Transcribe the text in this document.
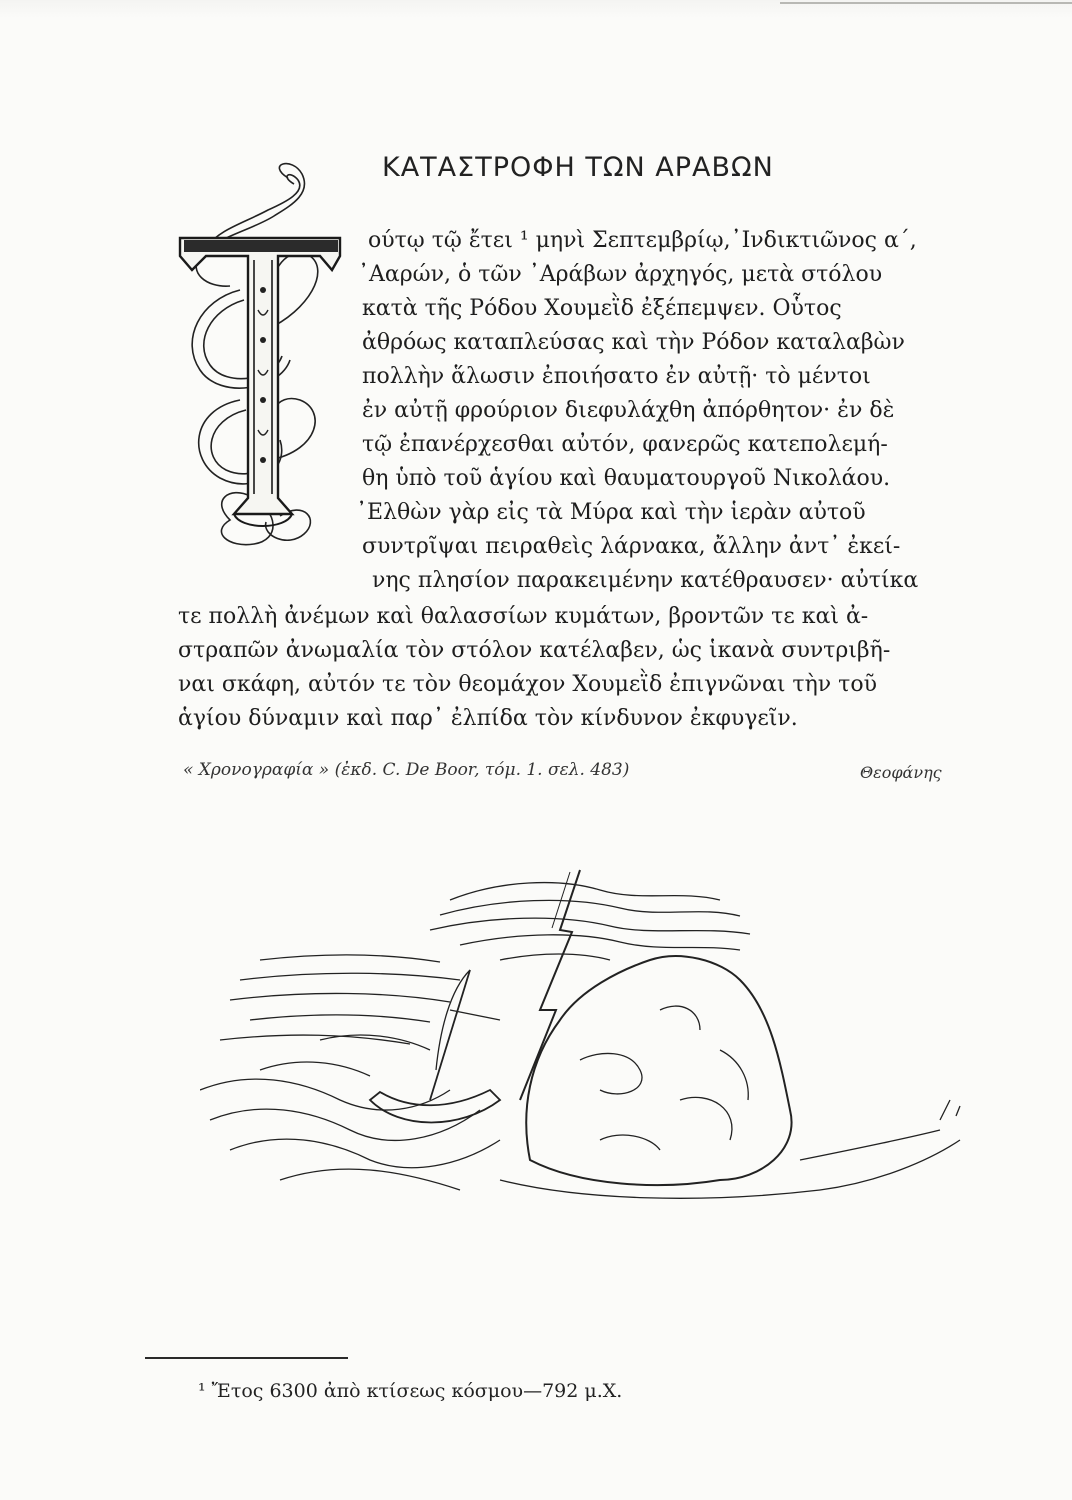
ΚΑΤΑΣΤΡΟΦΗ ΤΩΝ ΑΡΑΒΩΝ
ούτῳ τῷ ἔτει ¹ μηνὶ Σεπτεμβρίῳ,᾿Ινδικτιῶνος α΄,
᾿Ααρών, ὁ τῶν ᾿Αράβων ἀρχηγός, μετὰ στόλου
κατὰ τῆς Ρόδου Χουμεῒδ ἐξέπεμψεν. Οὗτος
ἀθρόως καταπλεύσας καὶ τὴν Ρόδον καταλαβὼν
πολλὴν ἅλωσιν ἐποιήσατο ἐν αὐτῇ· τὸ μέντοι
ἐν αὐτῇ φρούριον διεφυλάχθη ἀπόρθητον· ἐν δὲ
τῷ ἐπανέρχεσθαι αὐτόν, φανερῶς κατεπολεμή-
θη ὑπὸ τοῦ ἁγίου καὶ θαυματουργοῦ Νικολάου.
᾿Ελθὼν γὰρ εἰς τὰ Μύρα καὶ τὴν ἱερὰν αὐτοῦ
συντρῖψαι πειραθεὶς λάρνακα, ἄλλην ἀντ᾿ ἐκεί-
νης πλησίον παρακειμένην κατέθραυσεν· αὐτίκα
τε πολλὴ ἀνέμων καὶ θαλασσίων κυμάτων, βροντῶν τε καὶ ἀ-
στραπῶν ἀνωμαλία τὸν στόλον κατέλαβεν, ὡς ἱκανὰ συντριβῆ-
ναι σκάφη, αὐτόν τε τὸν θεομάχον Χουμεῒδ ἐπιγνῶναι τὴν τοῦ
ἁγίου δύναμιν καὶ παρ᾿ ἐλπίδα τὸν κίνδυνον ἐκφυγεῖν.
« Χρονογραφία » (ἐκδ. C. De Boor, τόμ. 1. σελ. 483)	Θεοφάνης
¹ Ἔτος 6300 ἀπὸ κτίσεως κόσμου—792 μ.Χ.
